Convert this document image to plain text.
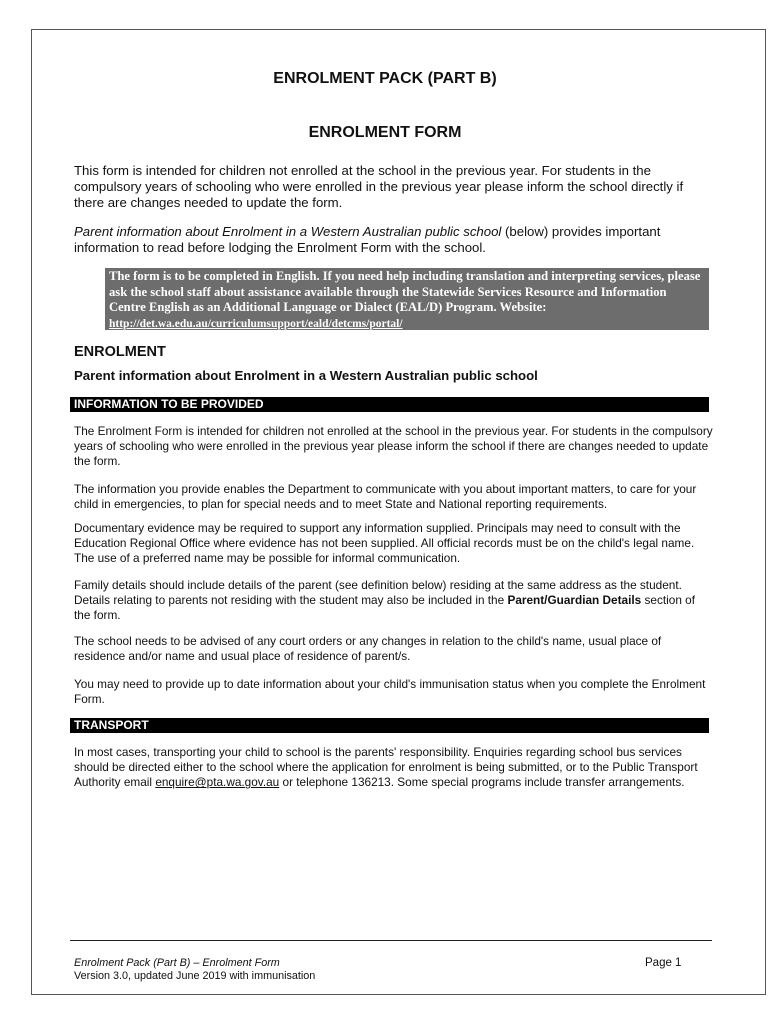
ENROLMENT PACK (PART B)
ENROLMENT FORM

This form is intended for children not enrolled at the school in the previous year. For students in the compulsory years of schooling who were enrolled in the previous year please inform the school directly if there are changes needed to update the form.

Parent information about Enrolment in a Western Australian public school (below) provides important information to read before lodging the Enrolment Form with the school.

The form is to be completed in English. If you need help including translation and interpreting services, please ask the school staff about assistance available through the Statewide Services Resource and Information Centre English as an Additional Language or Dialect (EAL/D) Program. Website: http://det.wa.edu.au/curriculumsupport/eald/detcms/portal/
ENROLMENT
Parent information about Enrolment in a Western Australian public school
INFORMATION TO BE PROVIDED

The Enrolment Form is intended for children not enrolled at the school in the previous year. For students in the compulsory years of schooling who were enrolled in the previous year please inform the school if there are changes needed to update the form.

The information you provide enables the Department to communicate with you about important matters, to care for your child in emergencies, to plan for special needs and to meet State and National reporting requirements.

Documentary evidence may be required to support any information supplied. Principals may need to consult with the Education Regional Office where evidence has not been supplied. All official records must be on the child's legal name. The use of a preferred name may be possible for informal communication.

Family details should include details of the parent (see definition below) residing at the same address as the student. Details relating to parents not residing with the student may also be included in the Parent/Guardian Details section of the form.

The school needs to be advised of any court orders or any changes in relation to the child's name, usual place of residence and/or name and usual place of residence of parent/s.

You may need to provide up to date information about your child's immunisation status when you complete the Enrolment Form.

TRANSPORT

In most cases, transporting your child to school is the parents' responsibility. Enquiries regarding school bus services should be directed either to the school where the application for enrolment is being submitted, or to the Public Transport Authority email enquire@pta.wa.gov.au or telephone 136213. Some special programs include transfer arrangements.

Enrolment Pack (Part B) – Enrolment Form
Version 3.0, updated June 2019 with immunisation

Page 1
